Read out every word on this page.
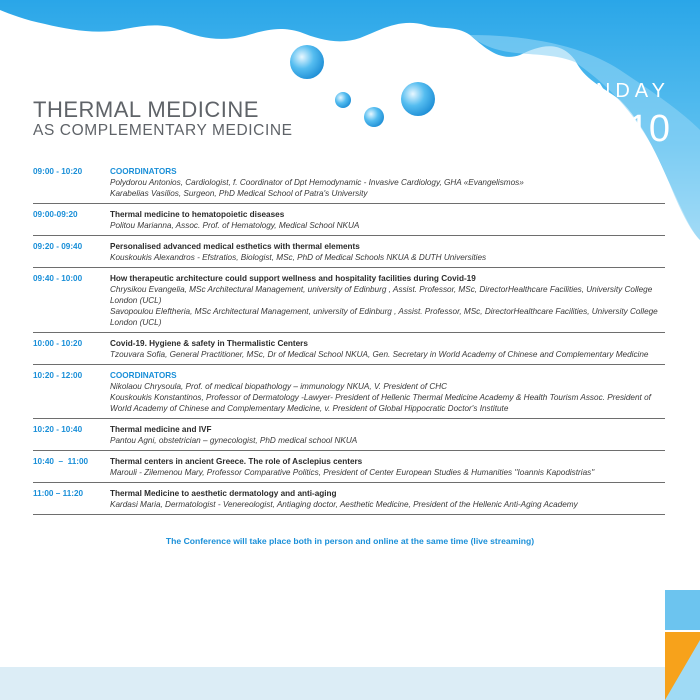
THERMAL MEDICINE
AS COMPLEMENTARY MEDICINE
SUNDAY
11 10
09:00 - 10:20	COORDINATORS
Polydorou Antonios, Cardiologist, f. Coordinator of Dpt Hemodynamic - Invasive Cardiology, GHA «Evangelismos»
Karabelias Vasilios, Surgeon, PhD Medical School of Patra's University
09:00-09:20	Thermal medicine to hematopoietic diseases
Politou Marianna, Assoc. Prof. of Hematology, Medical School NKUA
09:20 - 09:40	Personalised advanced medical esthetics with thermal elements
Kouskoukis Alexandros - Efstratios, Biologist, MSc, PhD of Medical Schools NKUA & DUTH Universities
09:40 - 10:00	How therapeutic architecture could support wellness and hospitality facilities during Covid-19
Chrysikou Evangelia, MSc Architectural Management, university of Edinburg , Assist. Professor, MSc, DirectorHealthcare Facilities, University College London (UCL)
Savopoulou Eleftheria, MSc Architectural Management, university of Edinburg , Assist. Professor, MSc, DirectorHealthcare Facilities, University College London (UCL)
10:00 - 10:20	Covid-19. Hygiene & safety in Thermalistic Centers
Tzouvara Sofia, General Practitioner, MSc, Dr of Medical School NKUA, Gen. Secretary in World Academy of Chinese and Complementary Medicine
10:20 - 12:00	COORDINATORS
Nikolaou Chrysoula, Prof. of medical biopathology – immunology NKUA, V. President of CHC
Kouskoukis Konstantinos, Professor of Dermatology -Lawyer- President of Hellenic Thermal Medicine Academy & Health Tourism Assoc. President of World Academy of Chinese and Complementary Medicine, v. President of Global Hippocratic Doctor's Institute
10:20 - 10:40	Thermal medicine and IVF
Pantou Agni, obstetrician – gynecologist, PhD medical school NKUA
10:40  –  11:00	Thermal centers in ancient Greece. The role of Asclepius centers
Marouli - Zilemenou Mary, Professor Comparative Politics, President of Center European Studies & Humanities ''Ioannis Kapodistrias''
11:00 – 11:20	Thermal Medicine to aesthetic dermatology and anti-aging
Kardasi Maria, Dermatologist - Venereologist, Antiaging doctor, Aesthetic Medicine, President of the Hellenic Anti-Aging Academy
The Conference will take place both in person and online at the same time (live streaming)
